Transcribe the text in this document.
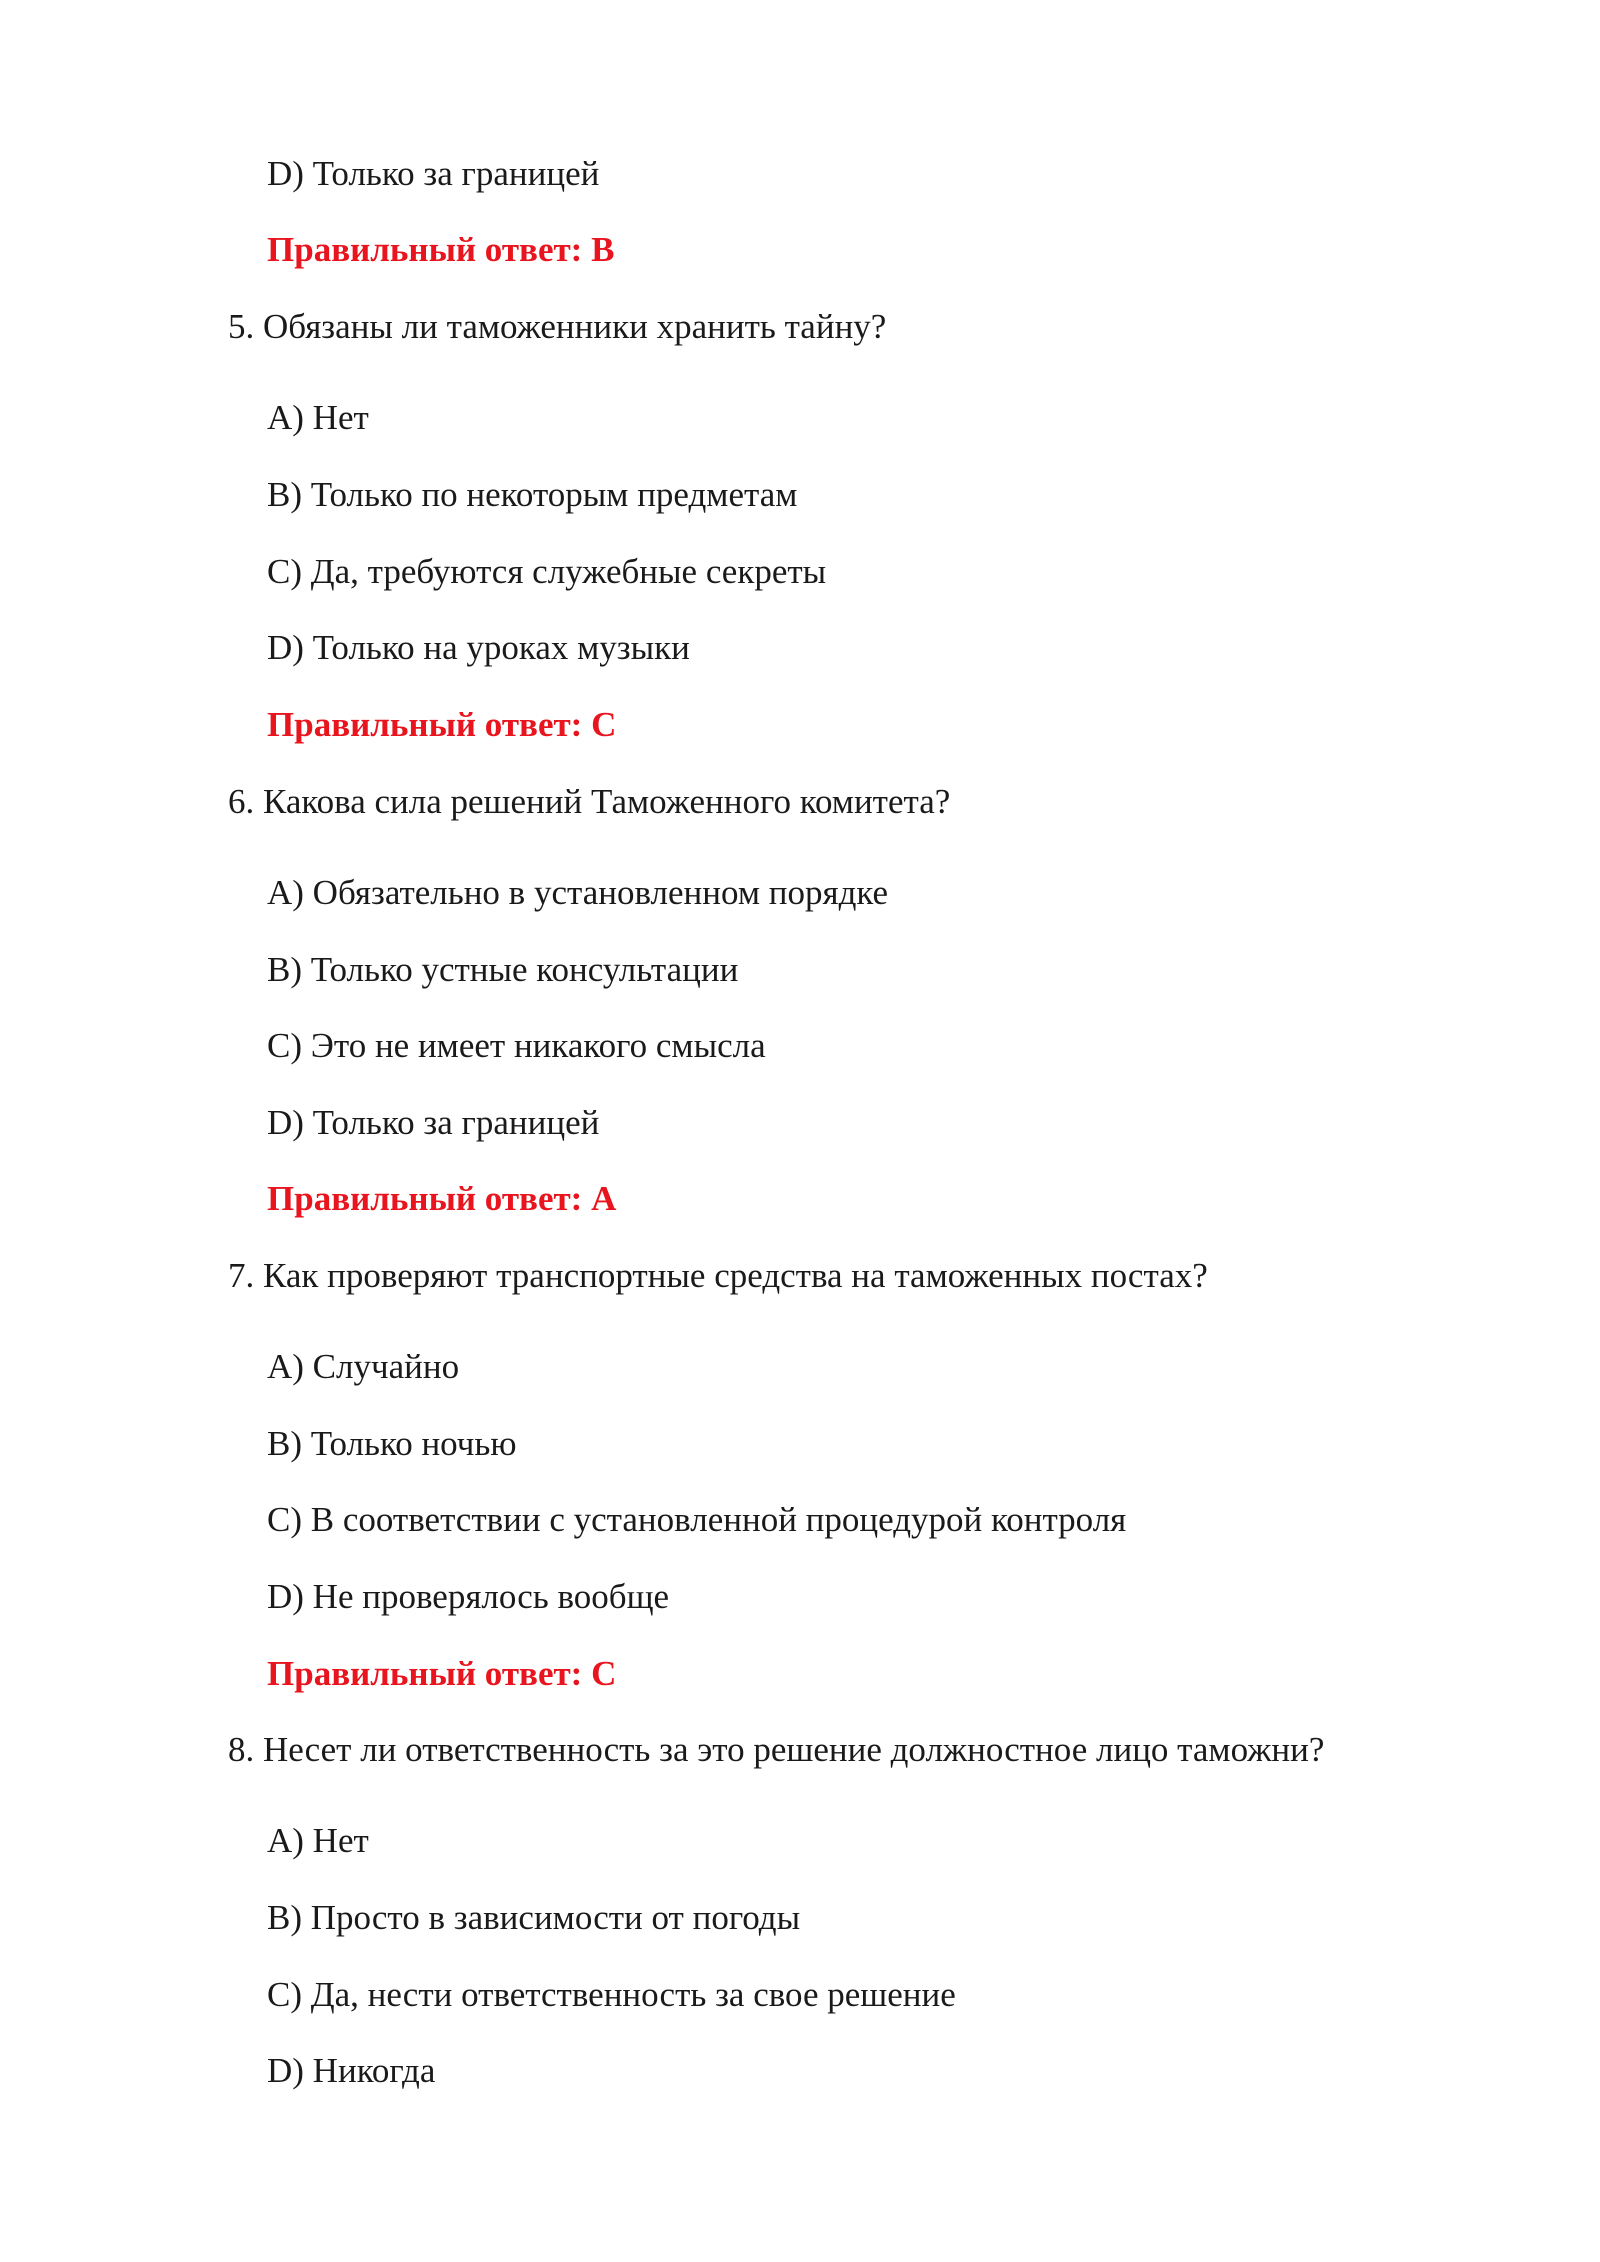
D) Только за границей
Правильный ответ: B
5. Обязаны ли таможенники хранить тайну?
A) Нет
B) Только по некоторым предметам
C) Да, требуются служебные секреты
D) Только на уроках музыки
Правильный ответ: C
6. Какова сила решений Таможенного комитета?
A) Обязательно в установленном порядке
B) Только устные консультации
C) Это не имеет никакого смысла
D) Только за границей
Правильный ответ: A
7. Как проверяют транспортные средства на таможенных постах?
A) Случайно
B) Только ночью
C) В соответствии с установленной процедурой контроля
D) Не проверялось вообще
Правильный ответ: C
8. Несет ли ответственность за это решение должностное лицо таможни?
A) Нет
B) Просто в зависимости от погоды
C) Да, нести ответственность за свое решение
D) Никогда
